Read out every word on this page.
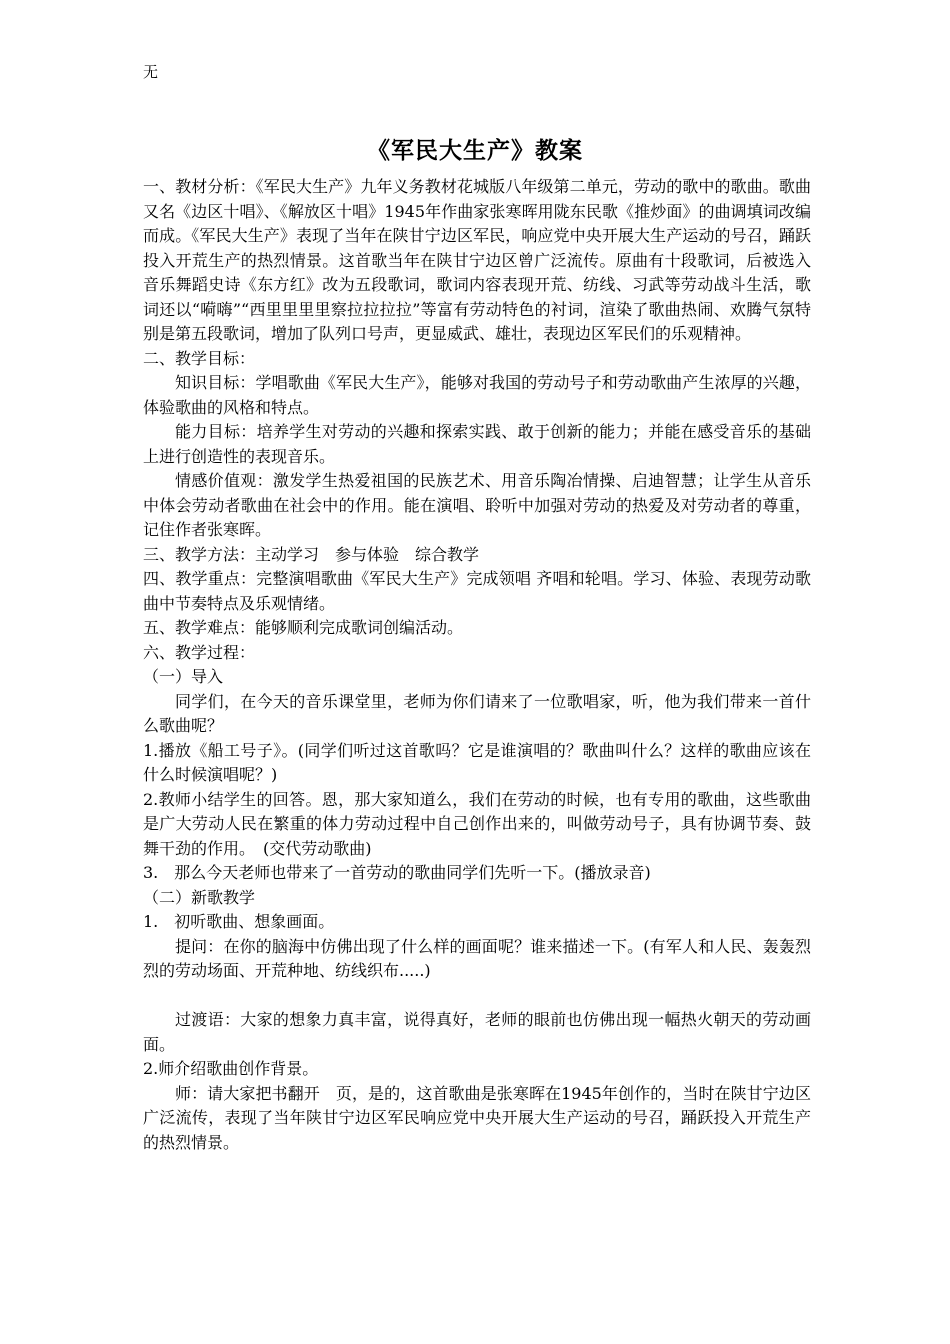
无
《军民大生产》教案

一、教材分析：《军民大生产》九年义务教材花城版八年级第二单元，劳动的歌中的歌曲。歌曲又名《边区十唱》、《解放区十唱》1945年作曲家张寒晖用陇东民歌《推炒面》的曲调填词改编而成。《军民大生产》表现了当年在陕甘宁边区军民，响应党中央开展大生产运动的号召，踊跃投入开荒生产的热烈情景。这首歌当年在陕甘宁边区曾广泛流传。原曲有十段歌词，后被选入音乐舞蹈史诗《东方红》改为五段歌词，歌词内容表现开荒、纺线、习武等劳动战斗生活，歌词还以“嗬嗨”“西里里里里察拉拉拉拉”等富有劳动特色的衬词，渲染了歌曲热闹、欢腾气氛特别是第五段歌词，增加了队列口号声，更显威武、雄壮，表现边区军民们的乐观精神。

二、教学目标：

知识目标：学唱歌曲《军民大生产》，能够对我国的劳动号子和劳动歌曲产生浓厚的兴趣，体验歌曲的风格和特点。

能力目标：培养学生对劳动的兴趣和探索实践、敢于创新的能力；并能在感受音乐的基础上进行创造性的表现音乐。

情感价值观：激发学生热爱祖国的民族艺术、用音乐陶冶情操、启迪智慧；让学生从音乐中体会劳动者歌曲在社会中的作用。能在演唱、聆听中加强对劳动的热爱及对劳动者的尊重，记住作者张寒晖。

三、教学方法：主动学习　参与体验　综合教学

四、教学重点：完整演唱歌曲《军民大生产》完成领唱 齐唱和轮唱。学习、体验、表现劳动歌曲中节奏特点及乐观情绪。

五、教学难点：能够顺利完成歌词创编活动。

六、教学过程：

（一）导入

同学们，在今天的音乐课堂里，老师为你们请来了一位歌唱家，听，他为我们带来一首什么歌曲呢？

1.播放《船工号子》。(同学们听过这首歌吗？它是谁演唱的？歌曲叫什么？这样的歌曲应该在什么时候演唱呢？)

2.教师小结学生的回答。恩，那大家知道么，我们在劳动的时候，也有专用的歌曲，这些歌曲是广大劳动人民在繁重的体力劳动过程中自己创作出来的，叫做劳动号子，具有协调节奏、鼓舞干劲的作用。　(交代劳动歌曲)

3.　那么今天老师也带来了一首劳动的歌曲同学们先听一下。(播放录音)

（二）新歌教学

1.　初听歌曲、想象画面。

提问：在你的脑海中仿佛出现了什么样的画面呢？谁来描述一下。(有军人和人民、轰轰烈烈的劳动场面、开荒种地、纺线织布.....)

过渡语：大家的想象力真丰富，说得真好，老师的眼前也仿佛出现一幅热火朝天的劳动画面。

2.师介绍歌曲创作背景。

师：请大家把书翻开　页，是的，这首歌曲是张寒晖在1945年创作的，当时在陕甘宁边区广泛流传，表现了当年陕甘宁边区军民响应党中央开展大生产运动的号召，踊跃投入开荒生产的热烈情景。
